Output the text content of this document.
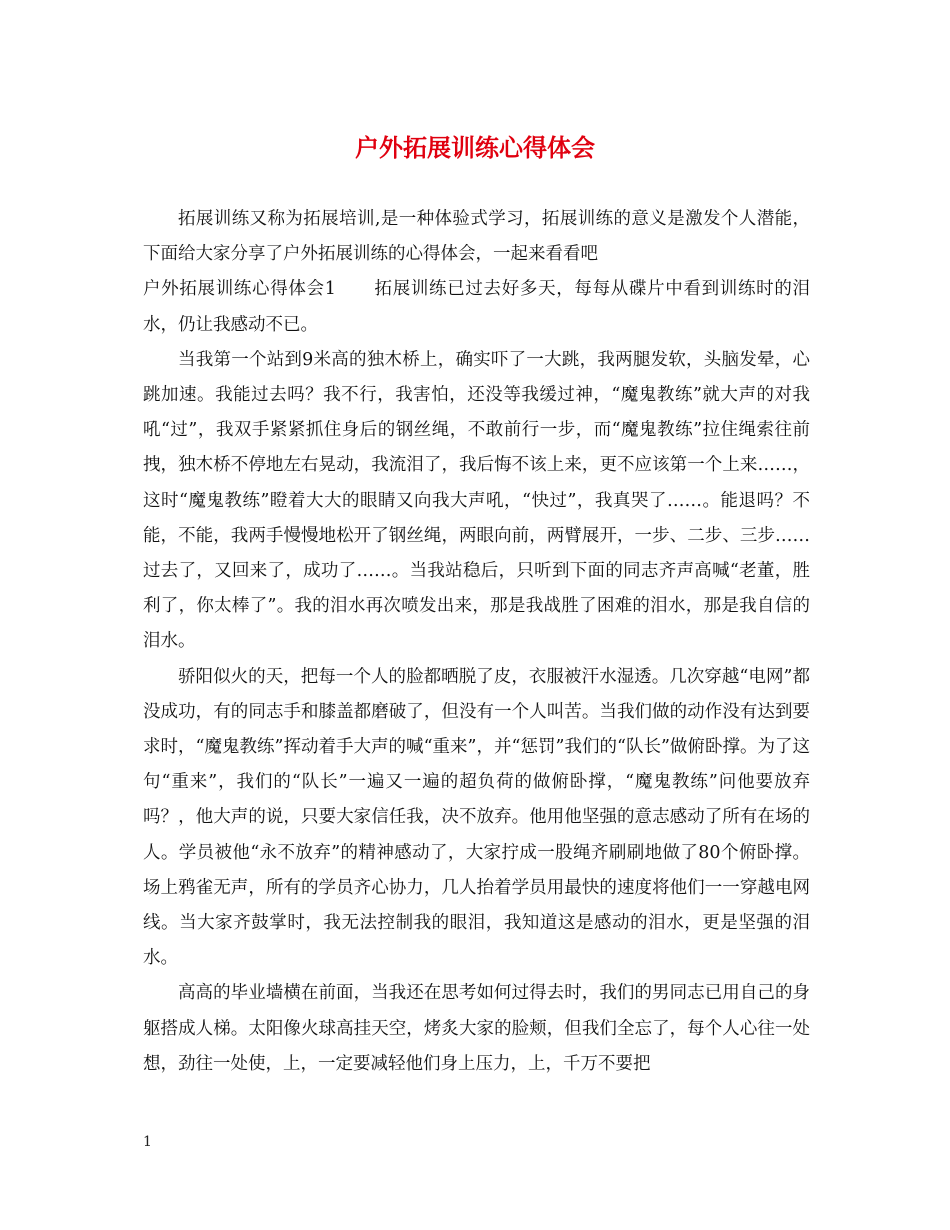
户外拓展训练心得体会

拓展训练又称为拓展培训,是一种体验式学习，拓展训练的意义是激发个人潜能，下面给大家分享了户外拓展训练的心得体会，一起来看看吧

户外拓展训练心得体会1 拓展训练已过去好多天，每每从碟片中看到训练时的泪水，仍让我感动不已。

当我第一个站到9米高的独木桥上，确实吓了一大跳，我两腿发软，头脑发晕，心跳加速。我能过去吗？我不行，我害怕，还没等我缓过神，“魔鬼教练”就大声的对我吼“过”，我双手紧紧抓住身后的钢丝绳，不敢前行一步，而“魔鬼教练”拉住绳索往前拽，独木桥不停地左右晃动，我流泪了，我后悔不该上来，更不应该第一个上来……，这时“魔鬼教练”瞪着大大的眼睛又向我大声吼，“快过”，我真哭了……。能退吗？不能，不能，我两手慢慢地松开了钢丝绳，两眼向前，两臂展开，一步、二步、三步……过去了，又回来了，成功了……。当我站稳后，只听到下面的同志齐声高喊“老董，胜利了，你太棒了”。我的泪水再次喷发出来，那是我战胜了困难的泪水，那是我自信的泪水。

骄阳似火的天，把每一个人的脸都晒脱了皮，衣服被汗水湿透。几次穿越“电网”都没成功，有的同志手和膝盖都磨破了，但没有一个人叫苦。当我们做的动作没有达到要求时，“魔鬼教练”挥动着手大声的喊“重来”，并“惩罚”我们的“队长”做俯卧撑。为了这句“重来”，我们的“队长”一遍又一遍的超负荷的做俯卧撑，“魔鬼教练”问他要放弃吗？，他大声的说，只要大家信任我，决不放弃。他用他坚强的意志感动了所有在场的人。学员被他“永不放弃”的精神感动了，大家拧成一股绳齐刷刷地做了80个俯卧撑。场上鸦雀无声，所有的学员齐心协力，几人抬着学员用最快的速度将他们一一穿越电网线。当大家齐鼓掌时，我无法控制我的眼泪，我知道这是感动的泪水，更是坚强的泪水。

高高的毕业墙横在前面，当我还在思考如何过得去时，我们的男同志已用自己的身躯搭成人梯。太阳像火球高挂天空，烤炙大家的脸颊，但我们全忘了，每个人心往一处想，劲往一处使，上，一定要减轻他们身上压力，上，千万不要把

1
